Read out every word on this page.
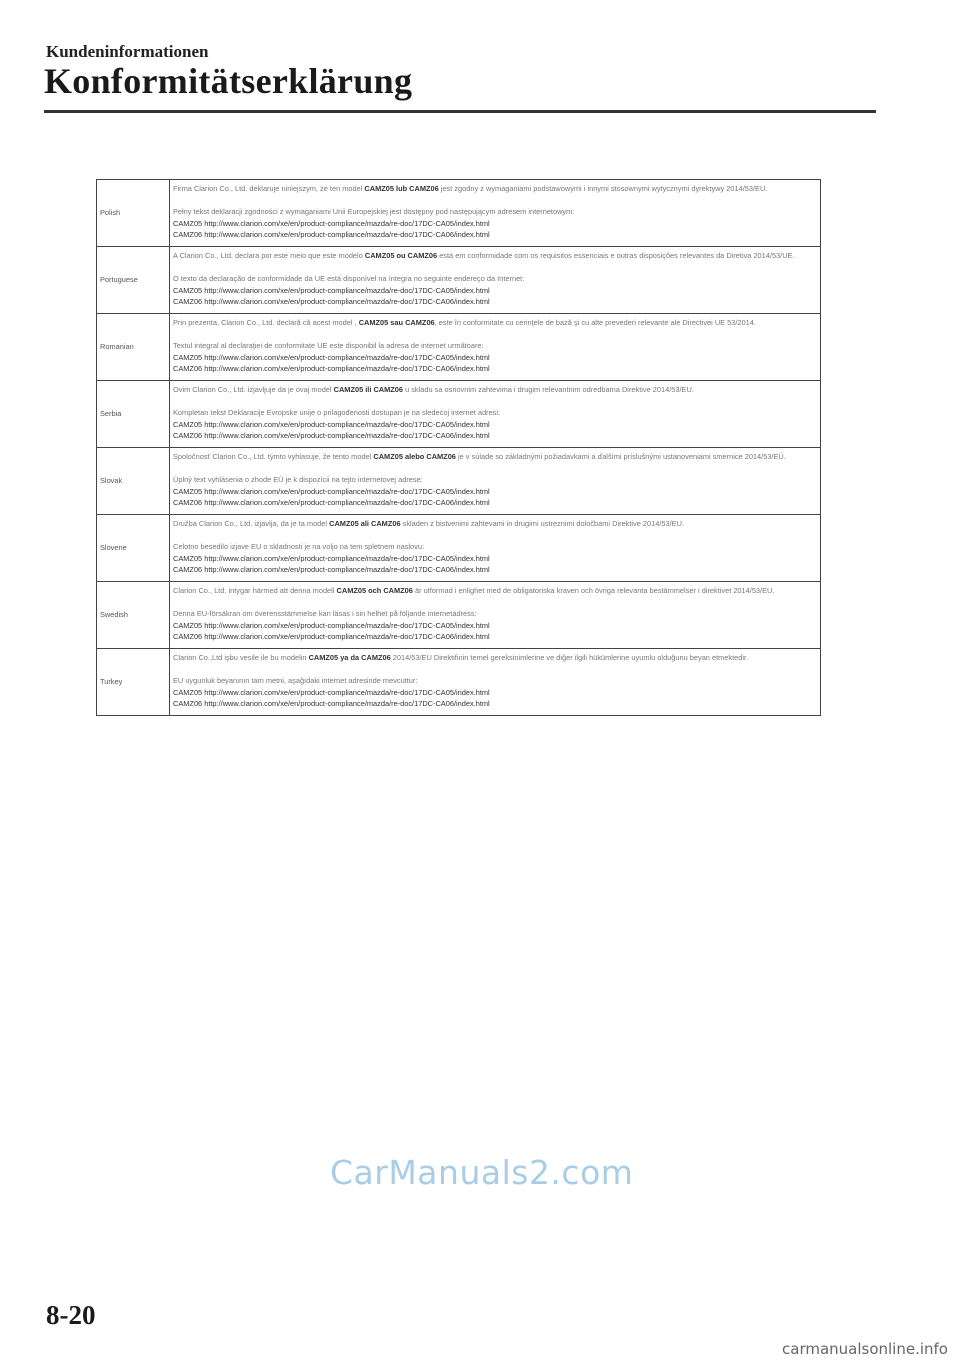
Kundeninformationen
Konformitätserklärung
Polish	Firma Clarion Co., Ltd. deklaruje niniejszym, że ten model CAMZ05 lub CAMZ06 jest zgodny z wymaganiami podstawowymi i innymi stosownymi wytycznymi dyrektywy 2014/53/EU.
Pełny tekst deklaracji zgodności z wymaganiami Unii Europejskiej jest dostępny pod następującym adresem internetowym:
CAMZ05 http://www.clarion.com/xe/en/product-compliance/mazda/re-doc/17DC-CA05/index.html
CAMZ06 http://www.clarion.com/xe/en/product-compliance/mazda/re-doc/17DC-CA06/index.html

Portuguese	A Clarion Co., Ltd. declara por este meio que este modelo CAMZ05 ou CAMZ06 está em conformidade com os requisitos essenciais e outras disposições relevantes da Diretiva 2014/53/UE.
O texto da declaração de conformidade da UE está disponível na íntegra no seguinte endereço da Internet:
CAMZ05 http://www.clarion.com/xe/en/product-compliance/mazda/re-doc/17DC-CA05/index.html
CAMZ06 http://www.clarion.com/xe/en/product-compliance/mazda/re-doc/17DC-CA06/index.html

Romanian	Prin prezenta, Clarion Co., Ltd. declară că acest model , CAMZ05 sau CAMZ06, este în conformitate cu cerinţele de bază şi cu alte prevederi relevante ale Directivei UE 53/2014.
Textul integral al declaraţiei de conformitate UE este disponibil la adresa de internet următoare:
CAMZ05 http://www.clarion.com/xe/en/product-compliance/mazda/re-doc/17DC-CA05/index.html
CAMZ06 http://www.clarion.com/xe/en/product-compliance/mazda/re-doc/17DC-CA06/index.html

Serbia	Ovim Clarion Co., Ltd. izjavljuje da je ovaj model CAMZ05 ili CAMZ06 u skladu sa osnovnim zahtevima i drugim relevantnim odredbama Direktive 2014/53/EU.
Kompletan tekst Deklaracije Evropske unije o prilagođenosti dostupan je na sledećoj internet adresi:
CAMZ05 http://www.clarion.com/xe/en/product-compliance/mazda/re-doc/17DC-CA05/index.html
CAMZ06 http://www.clarion.com/xe/en/product-compliance/mazda/re-doc/17DC-CA06/index.html

Slovak	Spoločnosť Clarion Co., Ltd. týmto vyhlasuje, že tento model CAMZ05 alebo CAMZ06 je v súlade so základnými požiadavkami a ďalšími príslušnými ustanoveniami smernice 2014/53/EÚ.
Úplný text vyhlásenia o zhode EÚ je k dispozícii na tejto internetovej adrese:
CAMZ05 http://www.clarion.com/xe/en/product-compliance/mazda/re-doc/17DC-CA05/index.html
CAMZ06 http://www.clarion.com/xe/en/product-compliance/mazda/re-doc/17DC-CA06/index.html

Slovene	Družba Clarion Co., Ltd. izjavlja, da je ta model CAMZ05 ali CAMZ06 skladen z bistvenimi zahtevami in drugimi ustreznimi določbami Direktive 2014/53/EU.
Celotno besedilo izjave EU o skladnosti je na voljo na tem spletnem naslovu:
CAMZ05 http://www.clarion.com/xe/en/product-compliance/mazda/re-doc/17DC-CA05/index.html
CAMZ06 http://www.clarion.com/xe/en/product-compliance/mazda/re-doc/17DC-CA06/index.html

Swedish	Clarion Co., Ltd. intygar härmed att denna modell CAMZ05 och CAMZ06 är utformad i enlighet med de obligatoriska kraven och övriga relevanta bestämmelser i direktivet 2014/53/EU.
Denna EU-försäkran om överensstämmelse kan läsas i sin helhet på följande internetadress:
CAMZ05 http://www.clarion.com/xe/en/product-compliance/mazda/re-doc/17DC-CA05/index.html
CAMZ06 http://www.clarion.com/xe/en/product-compliance/mazda/re-doc/17DC-CA06/index.html

Turkey	Clarion Co.,Ltd işbu vesile ile bu modelin CAMZ05 ya da CAMZ06 2014/53/EU Direktifinin temel gereksinimlerine ve diğer ilgili hükümlerine uyumlu olduğunu beyan etmektedir.
EU uygunluk beyanının tam metni, aşağıdaki internet adresinde mevcuttur:
CAMZ05 http://www.clarion.com/xe/en/product-compliance/mazda/re-doc/17DC-CA05/index.html
CAMZ06 http://www.clarion.com/xe/en/product-compliance/mazda/re-doc/17DC-CA06/index.html
CarManuals2.com
8-20
carmanualsonline.info
